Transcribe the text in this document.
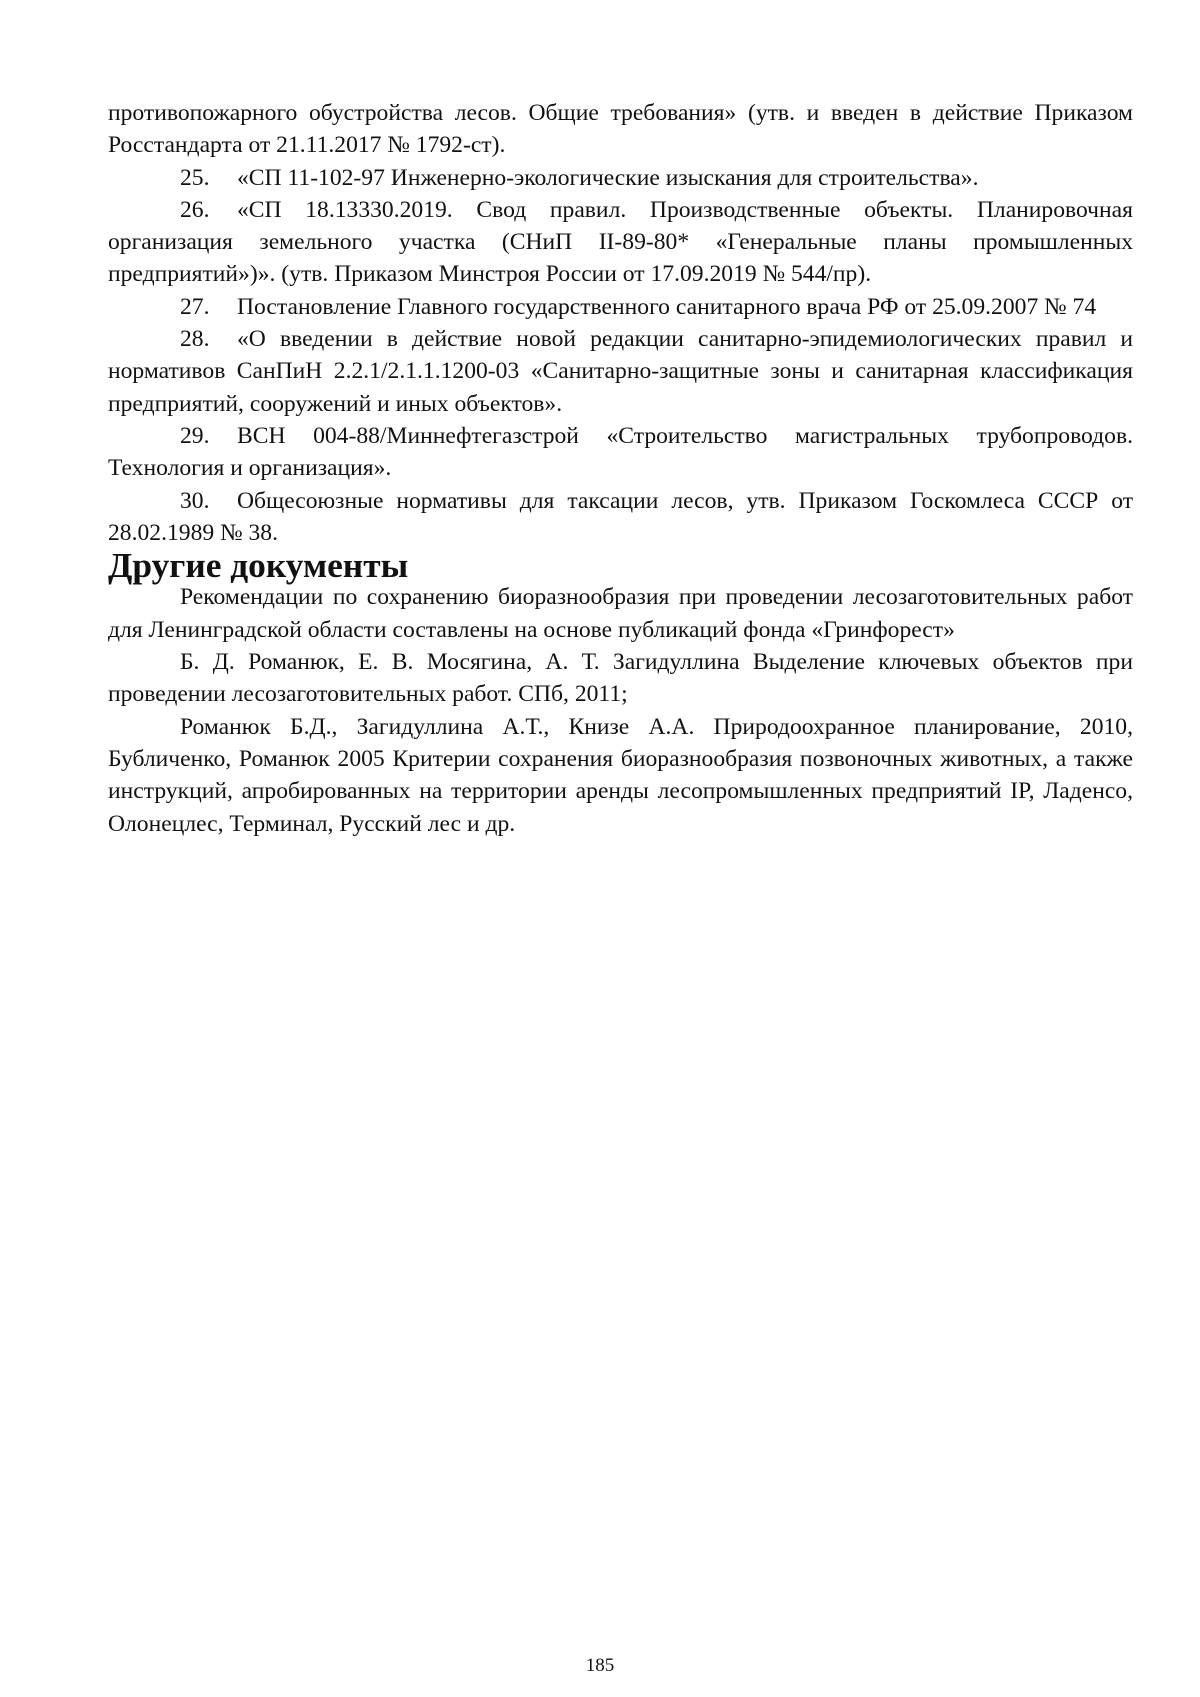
противопожарного обустройства лесов. Общие требования» (утв. и введен в действие Приказом Росстандарта от 21.11.2017 № 1792-ст).

25. «СП 11-102-97 Инженерно-экологические изыскания для строительства».

26. «СП 18.13330.2019. Свод правил. Производственные объекты. Планировочная организация земельного участка (СНиП II-89-80* «Генеральные планы промышленных предприятий»)». (утв. Приказом Минстроя России от 17.09.2019 № 544/пр).

27. Постановление Главного государственного санитарного врача РФ от 25.09.2007 № 74

28. «О введении в действие новой редакции санитарно-эпидемиологических правил и нормативов СанПиН 2.2.1/2.1.1.1200-03 «Санитарно-защитные зоны и санитарная классификация предприятий, сооружений и иных объектов».

29. ВСН 004-88/Миннефтегазстрой «Строительство магистральных трубопроводов. Технология и организация».

30. Общесоюзные нормативы для таксации лесов, утв. Приказом Госкомлеса СССР от 28.02.1989 № 38.

Другие документы

Рекомендации по сохранению биоразнообразия при проведении лесозаготовительных работ для Ленинградской области составлены на основе публикаций фонда «Гринфорест»

Б. Д. Романюк, Е. В. Мосягина, А. Т. Загидуллина Выделение ключевых объектов при проведении лесозаготовительных работ. СПб, 2011;

Романюк Б.Д., Загидуллина А.Т., Книзе А.А. Природоохранное планирование, 2010, Бубличенко, Романюк 2005 Критерии сохранения биоразнообразия позвоночных животных, а также инструкций, апробированных на территории аренды лесопромышленных предприятий IP, Ладенсо, Олонецлес, Терминал, Русский лес и др.

185
